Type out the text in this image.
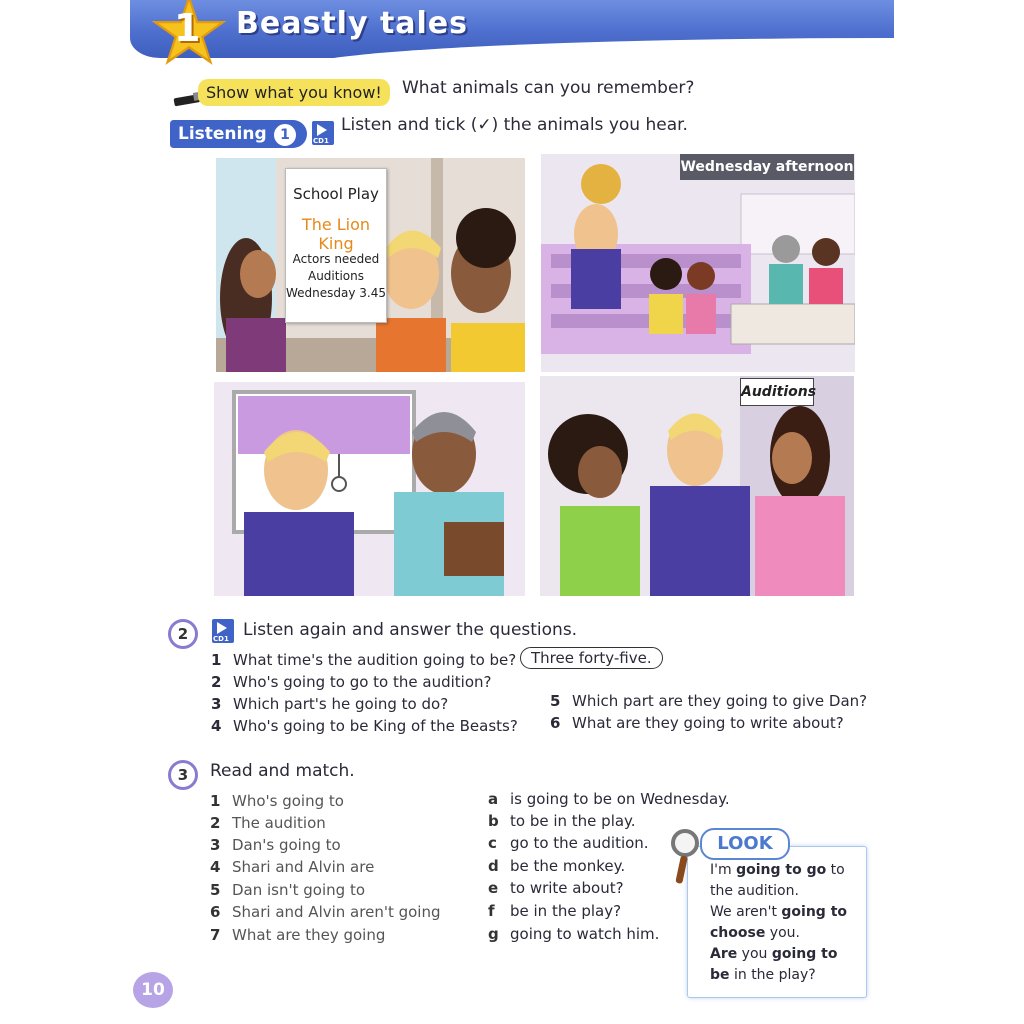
1 Beastly tales
Show what you know!	What animals can you remember?
Listening 1	CD1
Listen and tick (✓) the animals you hear.
School Play
The Lion King
Actors needed
Auditions
Wednesday 3.45
Wednesday afternoon
Auditions
2	CD1 Listen again and answer the questions.
1 What time's the audition going to be? Three forty-five.
2 Who's going to go to the audition?
3 Which part's he going to do?
4 Who's going to be King of the Beasts?
5 Which part are they going to give Dan?
6 What are they going to write about?
3	Read and match.
1 Who's going to
2 The audition
3 Dan's going to
4 Shari and Alvin are
5 Dan isn't going to
6 Shari and Alvin aren't going
7 What are they going
a is going to be on Wednesday.
b to be in the play.
c go to the audition.
d be the monkey.
e to write about?
f be in the play?
g going to watch him.
LOOK
I'm going to go to
the audition.
We aren't going to
choose you.
Are you going to
be in the play?
10
